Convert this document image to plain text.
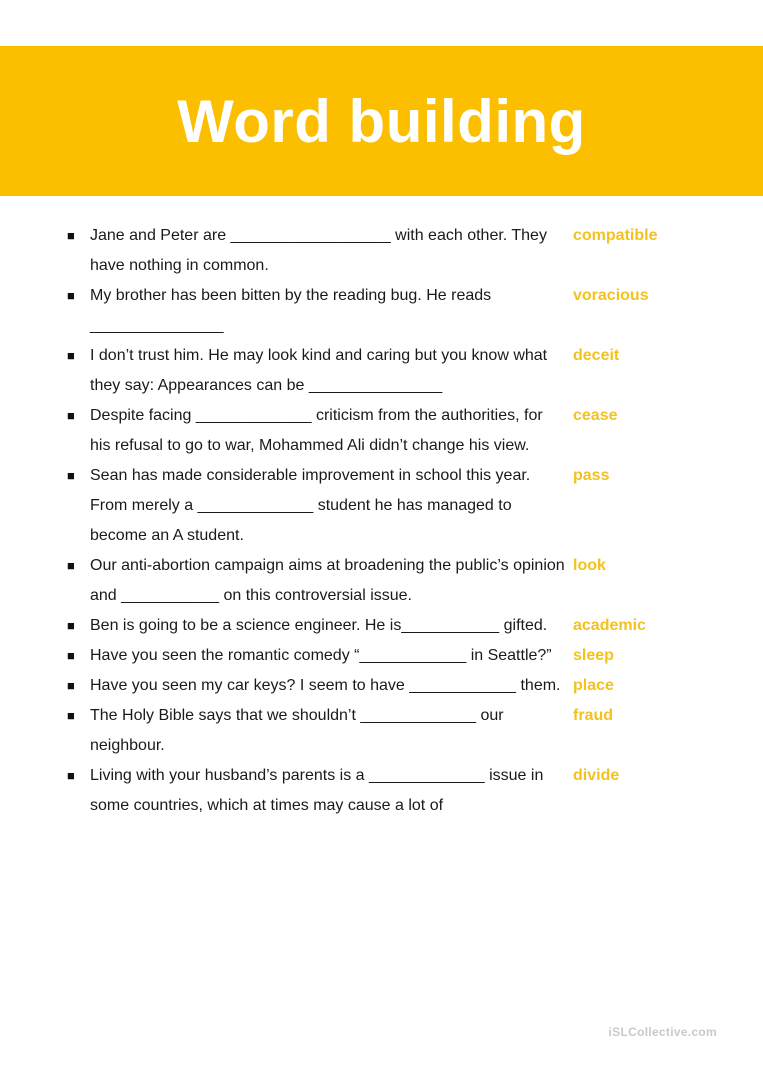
Word building
■ Jane and Peter are __________________ with each other. They have nothing in common.
compatible
■ My brother has been bitten by the reading bug. He reads _______________
voracious
■ I don’t trust him. He may look kind and caring but you know what they say: Appearances can be _______________
deceit
■ Despite facing _____________ criticism from the authorities, for his refusal to go to war, Mohammed Ali didn’t change his view.
cease
■ Sean has made considerable improvement in school this year. From merely a _____________ student he has managed to become an A student.
pass
■ Our anti-abortion campaign aims at broadening the public’s opinion and ___________ on this controversial issue.
look
■ Ben is going to be a science engineer. He is___________ gifted.	academic
■ Have you seen the romantic comedy “____________ in Seattle?”	sleep
■ Have you seen my car keys? I seem to have ____________ them. place
■ The Holy Bible says that we shouldn’t _____________ our neighbour.
fraud
■ Living with your husband’s parents is a _____________ issue in some countries, which at times may cause a lot of
divide
iSLCollective.com
